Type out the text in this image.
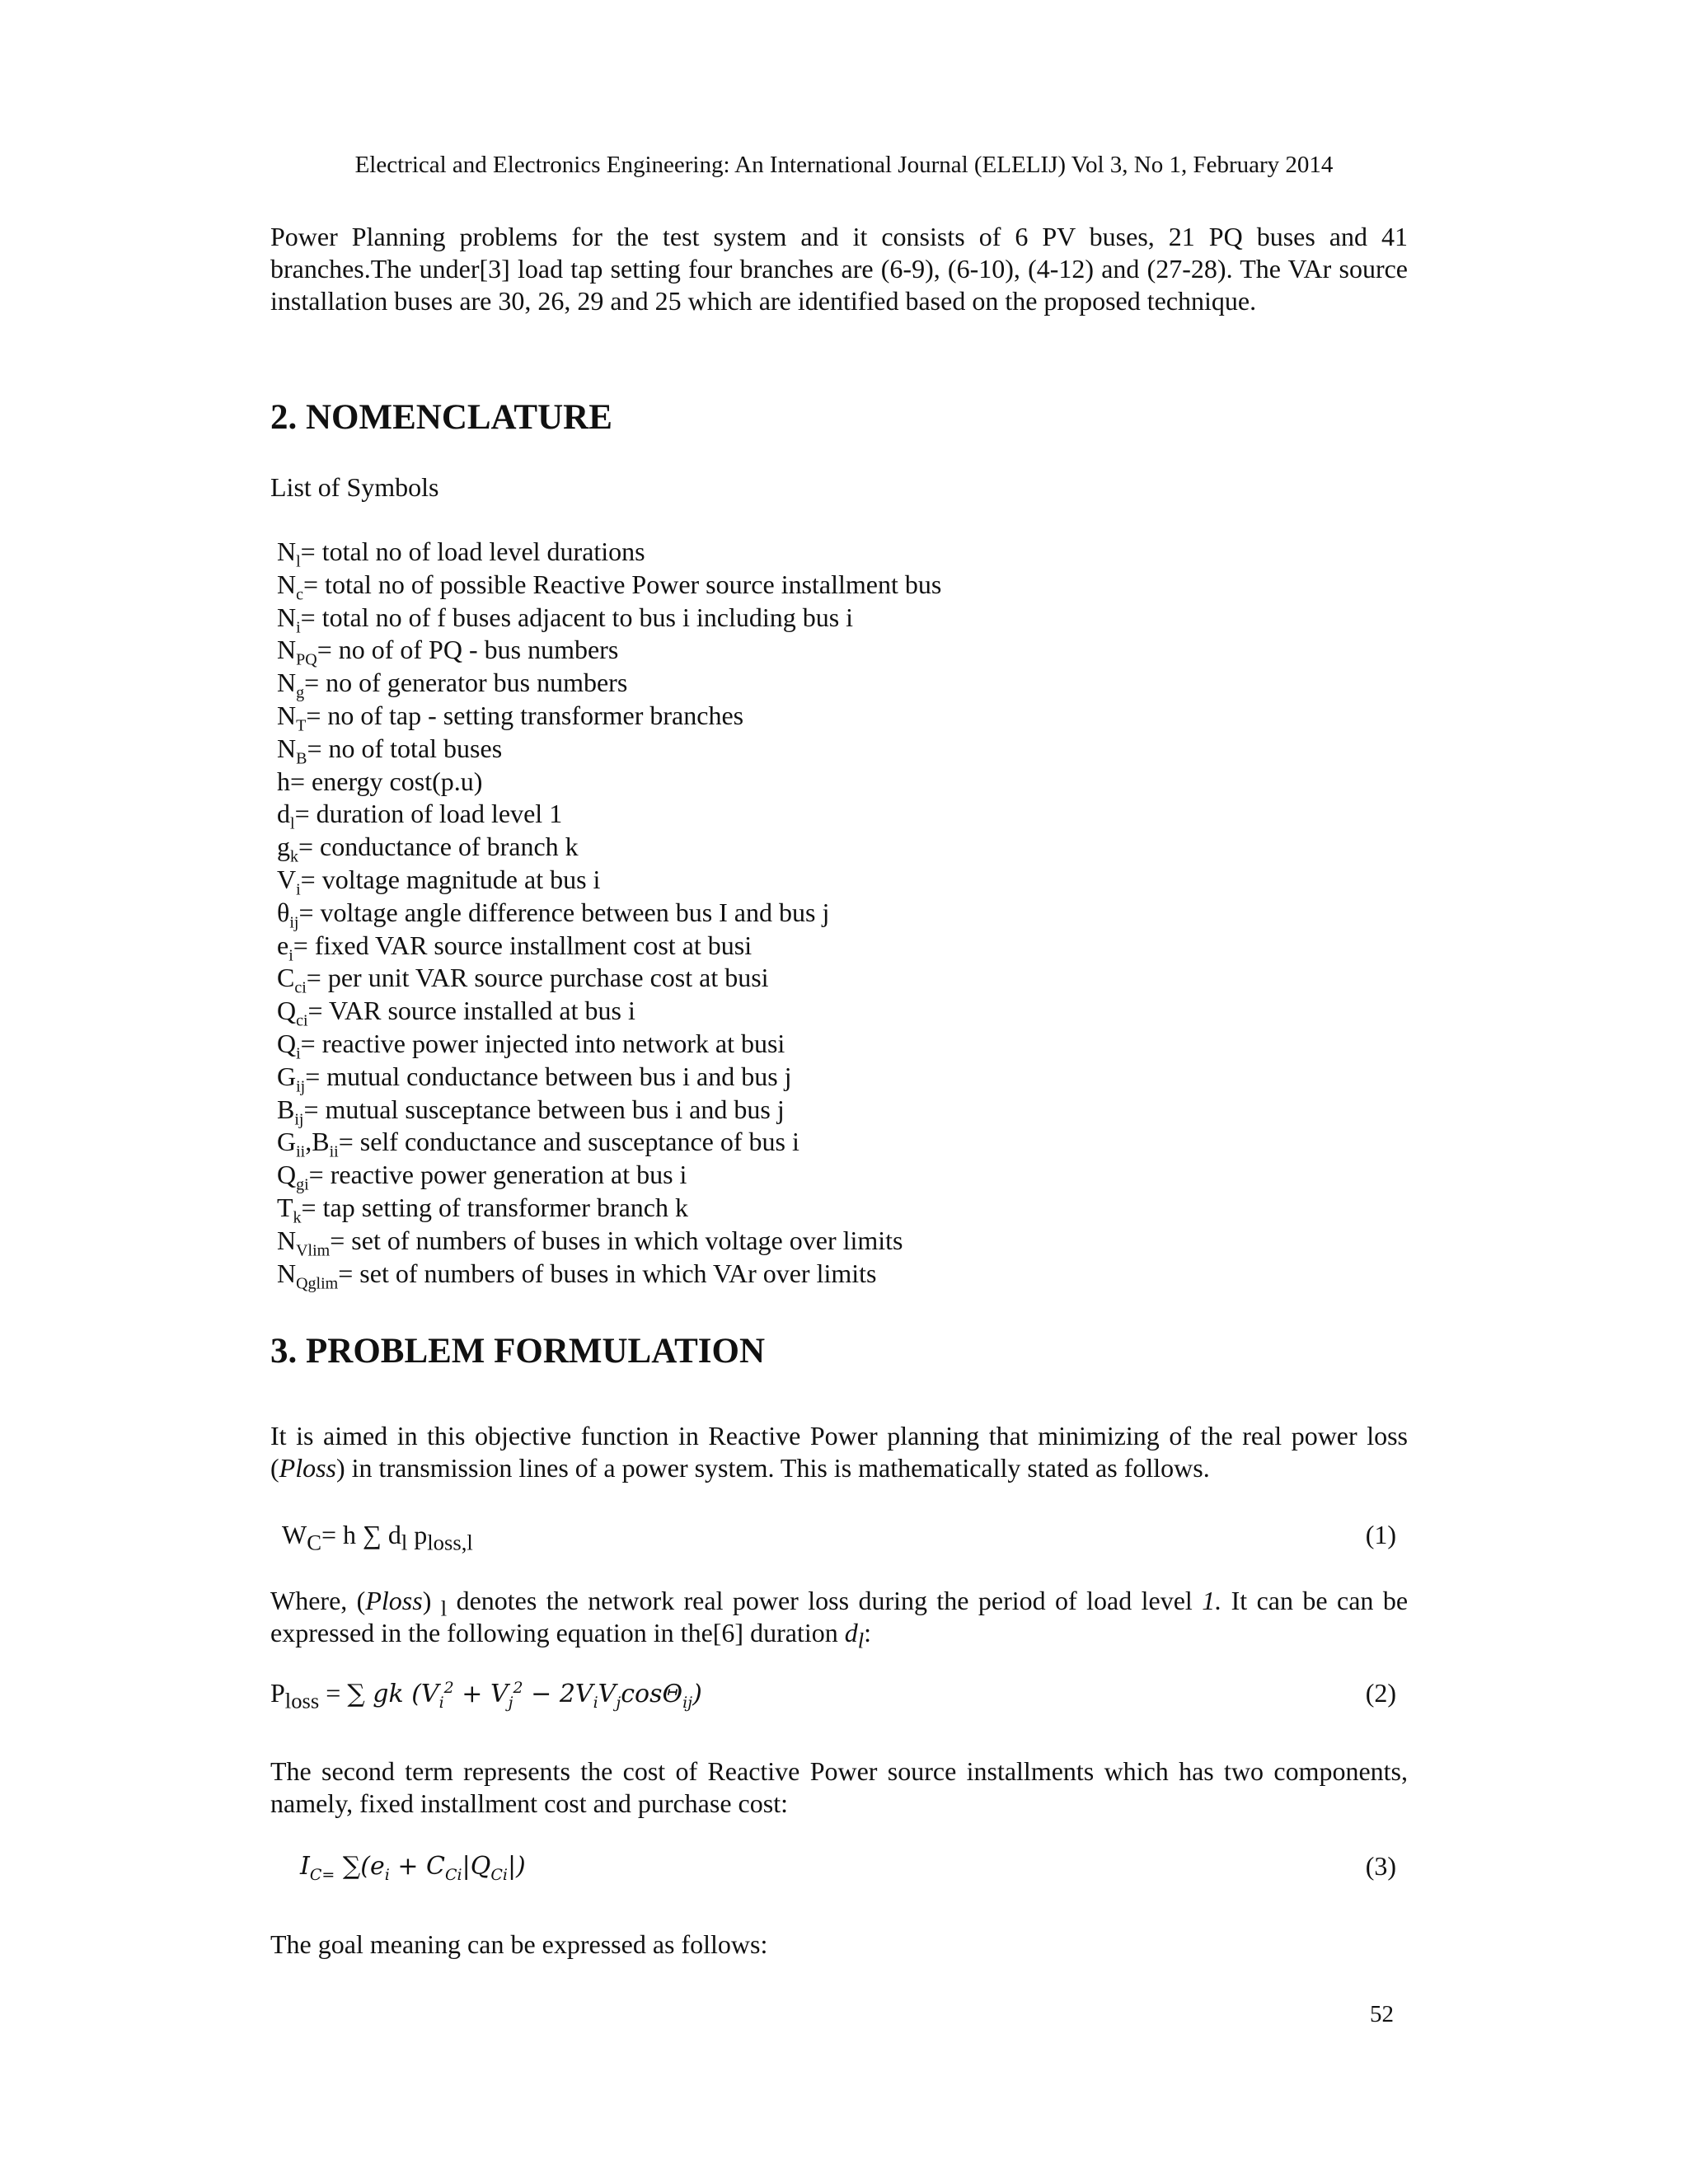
Electrical and Electronics Engineering: An International Journal (ELELIJ) Vol 3, No 1, February 2014
Power Planning problems for the test system and it consists of 6 PV buses, 21 PQ buses and 41 branches.The under[3] load tap setting four branches are (6-9), (6-10), (4-12) and (27-28). The VAr source installation buses are 30, 26, 29 and 25 which are identified based on the proposed technique.
2. NOMENCLATURE
List of Symbols
$N_l=$ total no of load level durations
$N_c=$ total no of possible Reactive Power source installment bus
$N_i=$ total no of f buses adjacent to bus i including bus i
$N_{PQ}=$ no of of PQ - bus numbers
$N_g=$ no of generator bus numbers
$N_T=$ no of tap - setting transformer branches
$N_B=$ no of total buses
h= energy cost(p.u)
$d_l=$ duration of load level 1
$g_k=$ conductance of branch k
$V_i=$ voltage magnitude at bus i
$\theta_{ij}=$ voltage angle difference between bus I and bus j
$e_i=$ fixed VAR source installment cost at busi
$C_{ci}=$ per unit VAR source purchase cost at busi
$Q_{ci}=$ VAR source installed at bus i
$Q_i=$ reactive power injected into network at busi
$G_{ij}=$ mutual conductance between bus i and bus j
$B_{ij}=$ mutual susceptance between bus i and bus j
$G_{ii},B_{ii}=$ self conductance and susceptance of bus i
$Q_{gi}=$ reactive power generation at bus i
$T_k=$ tap setting of transformer branch k
$N_{Vlim}=$ set of numbers of buses in which voltage over limits
$N_{Qglim}=$ set of numbers of buses in which VAr over limits
3. PROBLEM FORMULATION
It is aimed in this objective function in Reactive Power planning that minimizing of the real power loss (Ploss) in transmission lines of a power system. This is mathematically stated as follows.
$W_C= h$ ∑ $d_l$ $p_{loss,l}$	(1)
Where, (Ploss) $_l$ denotes the network real power loss during the period of load level 1. It can be can be expressed in the following equation in the[6] duration $d_l$:
$P_{loss}$ = ∑ gk $(V_i^2 + V_j^2 - 2V_iV_j\cos\Theta_{ij})$	(2)
The second term represents the cost of Reactive Power source installments which has two components, namely, fixed installment cost and purchase cost:
$I_{C=}$ $\sum(e_i + C_{Ci}|Q_{Ci}|)$	(3)
The goal meaning can be expressed as follows:
52
